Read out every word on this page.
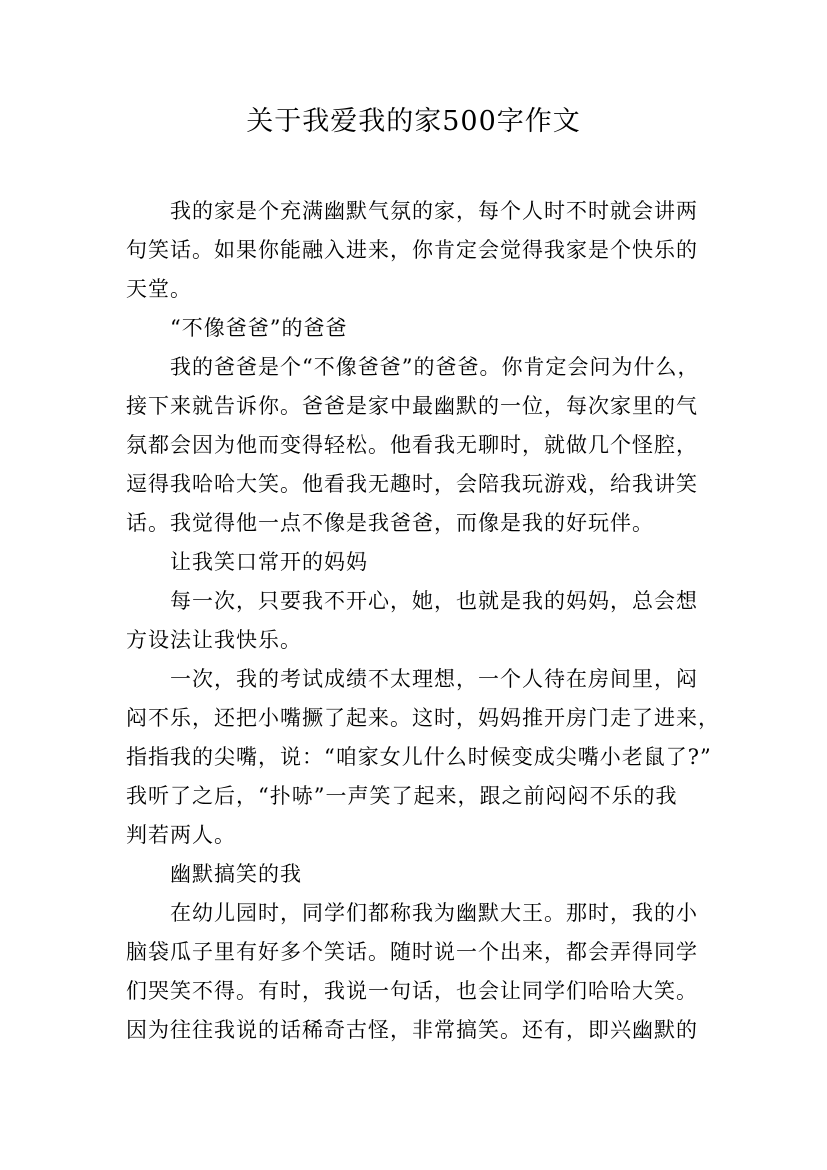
关于我爱我的家500字作文
我的家是个充满幽默气氛的家，每个人时不时就会讲两
句笑话。如果你能融入进来，你肯定会觉得我家是个快乐的
天堂。
“不像爸爸”的爸爸
我的爸爸是个“不像爸爸”的爸爸。你肯定会问为什么，
接下来就告诉你。爸爸是家中最幽默的一位，每次家里的气
氛都会因为他而变得轻松。他看我无聊时，就做几个怪腔，
逗得我哈哈大笑。他看我无趣时，会陪我玩游戏，给我讲笑
话。我觉得他一点不像是我爸爸，而像是我的好玩伴。
让我笑口常开的妈妈
每一次，只要我不开心，她，也就是我的妈妈，总会想
方设法让我快乐。
一次，我的考试成绩不太理想，一个人待在房间里，闷
闷不乐，还把小嘴撅了起来。这时，妈妈推开房门走了进来，
指指我的尖嘴，说：“咱家女儿什么时候变成尖嘴小老鼠了?”
我听了之后，“扑哧”一声笑了起来，跟之前闷闷不乐的我
判若两人。
幽默搞笑的我
在幼儿园时，同学们都称我为幽默大王。那时，我的小
脑袋瓜子里有好多个笑话。随时说一个出来，都会弄得同学
们哭笑不得。有时，我说一句话，也会让同学们哈哈大笑。
因为往往我说的话稀奇古怪，非常搞笑。还有，即兴幽默的
